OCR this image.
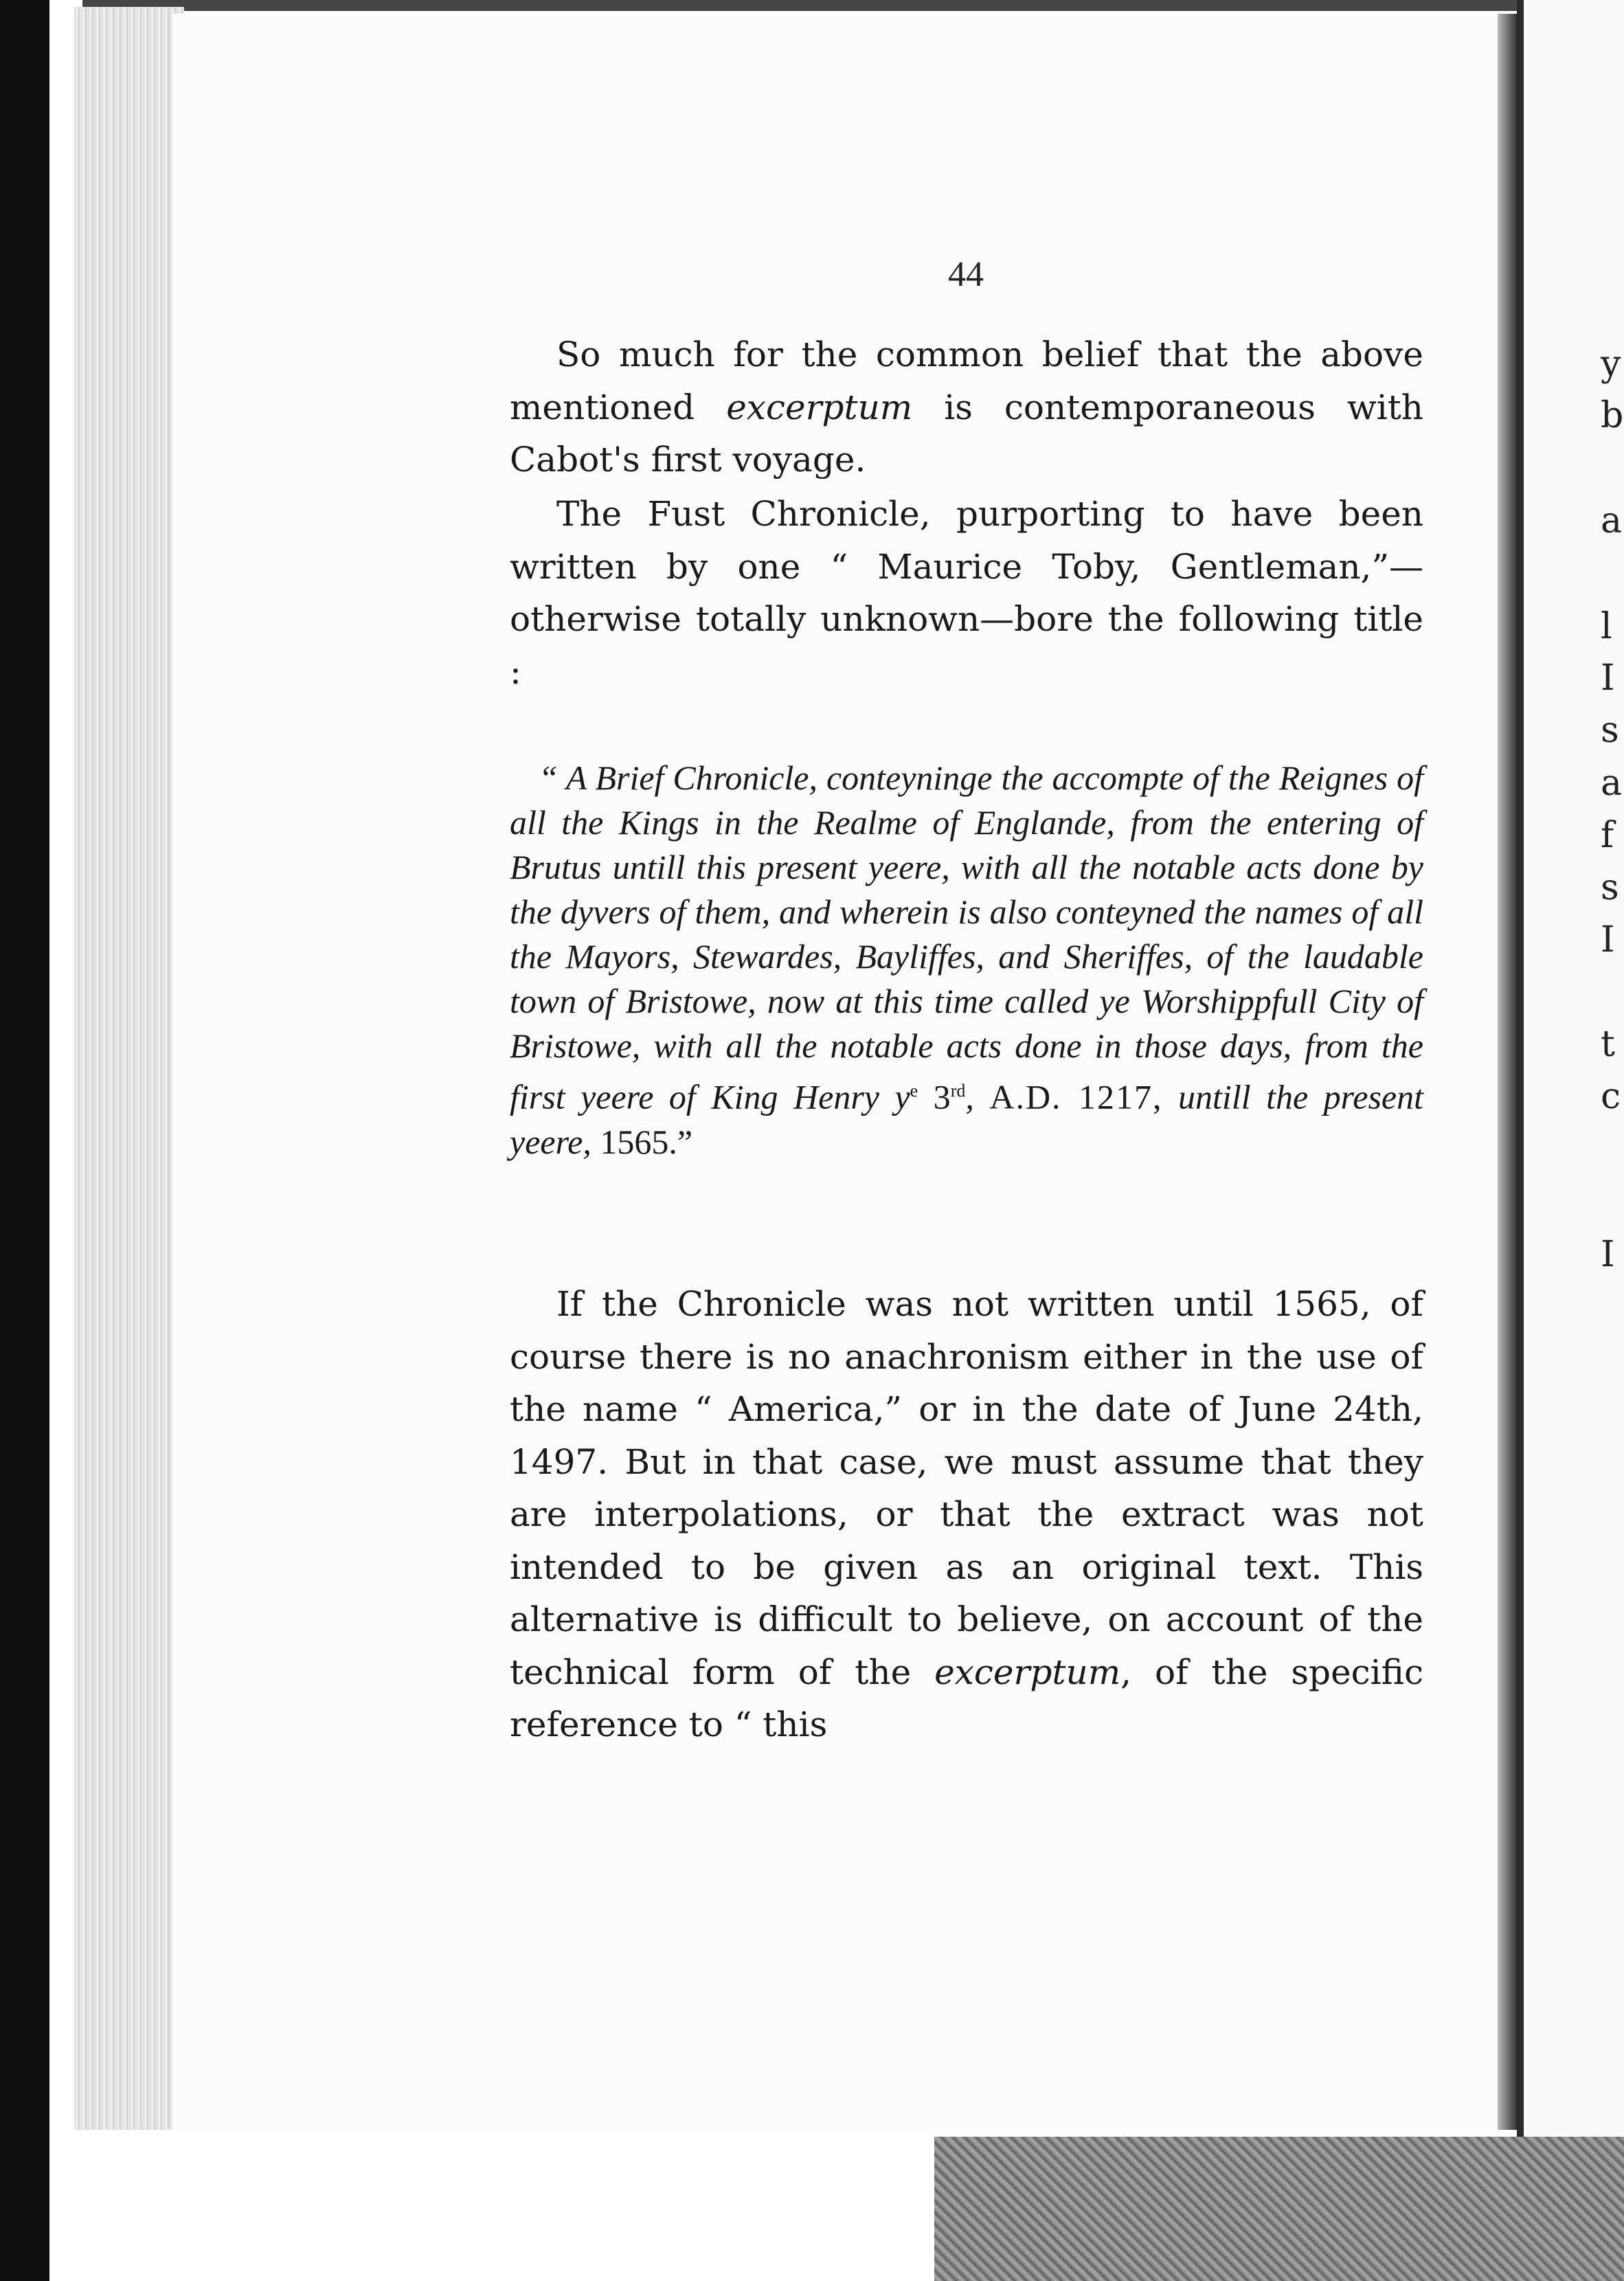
y
b
a
l
I
s
a
f
s
I
t
c
I
44

So much for the common belief that the above mentioned excerptum is contemporaneous with Cabot's first voyage.

The Fust Chronicle, purporting to have been written by one “ Maurice Toby, Gentleman,”—otherwise totally unknown—bore the following title :

“ A Brief Chronicle, conteyninge the accompte of the Reignes of all the Kings in the Realme of Englande, from the entering of Brutus untill this present yeere, with all the notable acts done by the dyvers of them, and wherein is also conteyned the names of all the Mayors, Stewardes, Bayliffes, and Sheriffes, of the laudable town of Bristowe, now at this time called ye Worshippfull City of Bristowe, with all the notable acts done in those days, from the first yeere of King Henry $y^e$ 3rd, A.D. 1217, untill the present yeere, 1565.”

If the Chronicle was not written until 1565, of course there is no anachronism either in the use of the name “ America,” or in the date of June 24th, 1497. But in that case, we must assume that they are interpolations, or that the extract was not intended to be given as an original text. This alternative is difficult to believe, on account of the technical form of the excerptum, of the specific reference to “ this
